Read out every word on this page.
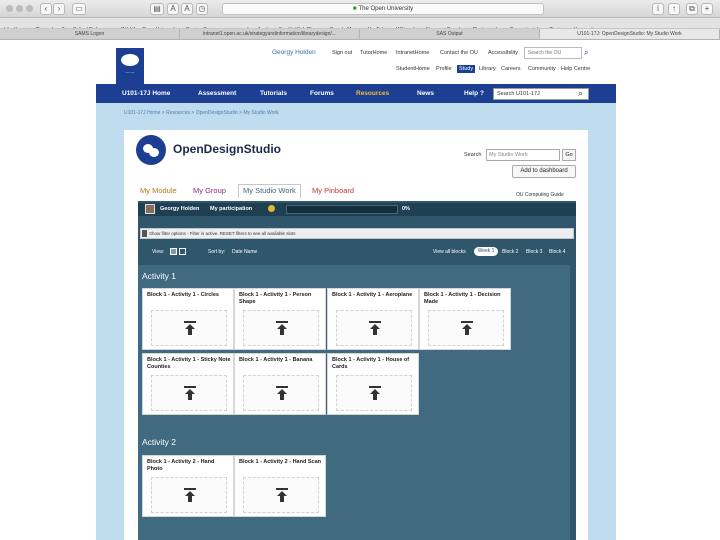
‹	›	▭	▤	A	A	◷	■ The Open University	i	↑	⧉	+

SAMS Logon	intranet1.open.ac.uk/strategyandinformation/librarydesign/...	SAS Output	U101-17J: OpenDesignStudio: My Studio Work
— —
Georgy Holden	Sign out TutorHome IntranetHome Contact the OU Accessibility	Search the OU	⌕
StudentHome Profile	Study	Library Careers Community Help Centre
U101-17J Home	Assessment	Tutorials	Forums	Resources	News	Help ?	Search U101-17J	⌕
U101-17J Home > Resources > OpenDesignStudio > My Studio Work
OpenDesignStudio	Search	My Studio Work	Go
Add to dashboard
My Module My Group	My Studio Work	My Pinboard	OU Computing Guide
Georgy Holden My participation	0%
Show filter options - Filter is active. RESET filters to see all available slots
View:	Sort by: Date Name	View all blocks	Week 1	Block 2 Block 3 Block 4
Activity 1
Activity 2
Block 1 - Activity 1 - Circles	Block 1 - Activity 1 - Person Shape
Block 1 - Activity 1 - Aeroplane	Block 1 - Activity 1 - Decision Made
Block 1 - Activity 1 - Sticky Note Counties
Block 1 - Activity 1 - Banana	Block 1 - Activity 1 - House of Cards
Block 1 - Activity 2 - Hand Photo
Block 1 - Activity 2 - Hand Scan
